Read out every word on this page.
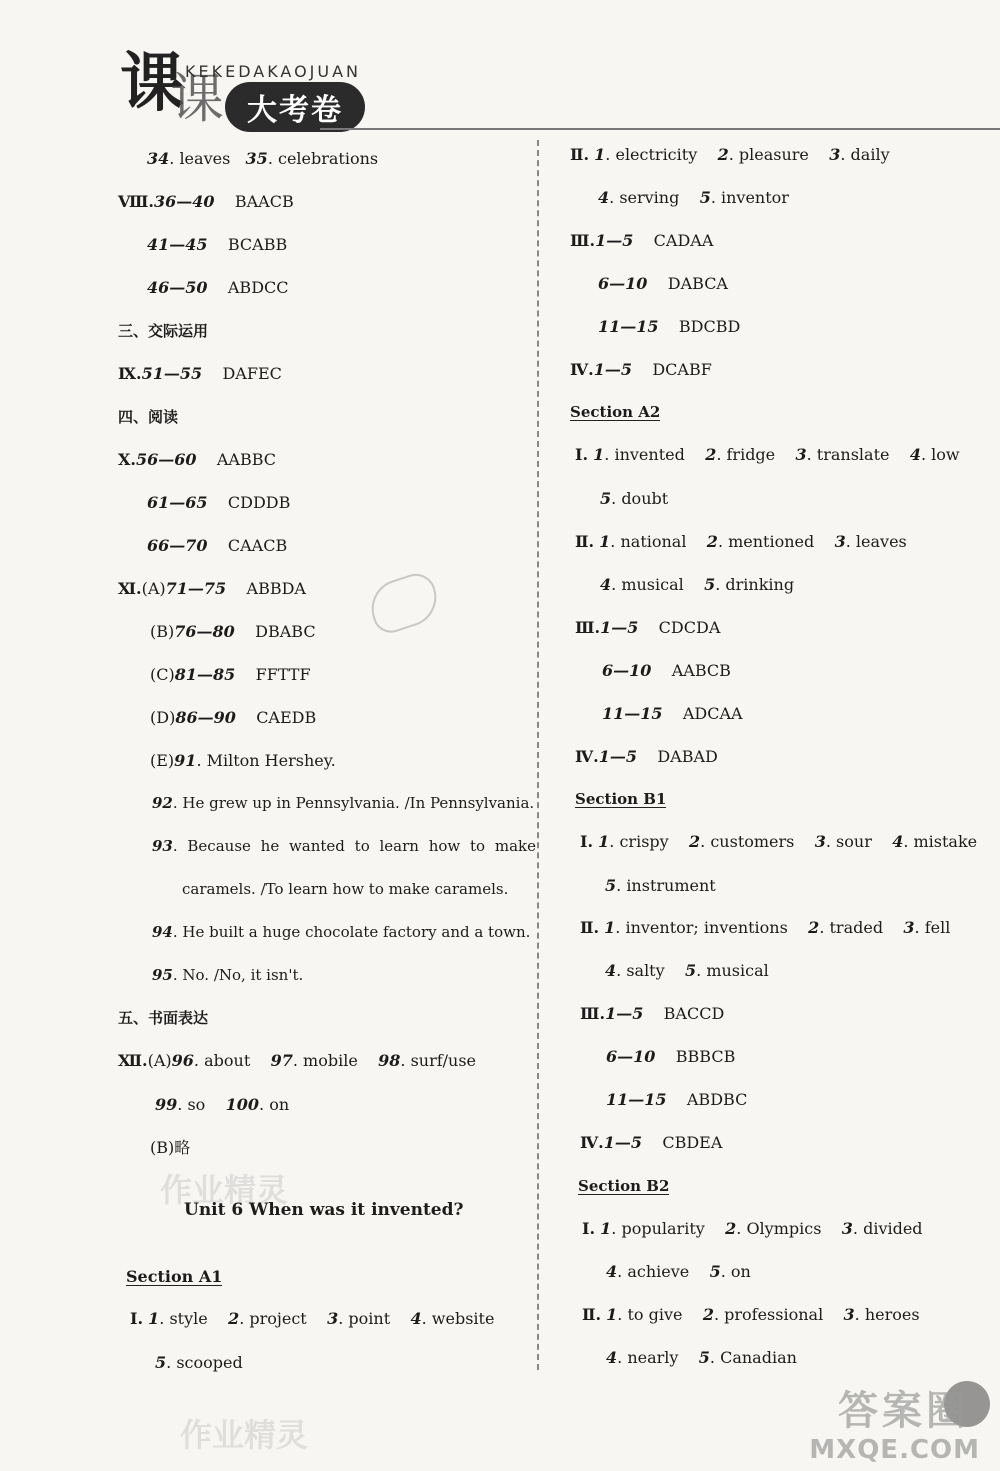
课
课
KEKEDAKAOJUAN
大考卷
34. leaves 35. celebrations
Ⅷ.36—40 BAACB
41—45 BCABB
46—50 ABDCC
三、交际运用
Ⅸ.51—55 DAFEC
四、阅读
Ⅹ.56—60 AABBC
61—65 CDDDB
66—70 CAACB
Ⅺ.(A)71—75 ABBDA
(B)76—80 DBABC
(C)81—85 FFTTF
(D)86—90 CAEDB
(E)91. Milton Hershey.
92. He grew up in Pennsylvania. /In Pennsylvania.
93. Because he wanted to learn how to make
caramels. /To learn how to make caramels.
94. He built a huge chocolate factory and a town.
95. No. /No, it isn't.
五、书面表达
Ⅻ.(A)96. about 97. mobile 98. surf/use
99. so 100. on
(B)略
作业精灵
Unit 6 When was it invented?
Section A1
Ⅰ. 1. style 2. project 3. point 4. website
5. scooped
作业精灵
Ⅱ. 1. electricity 2. pleasure 3. daily
4. serving 5. inventor
Ⅲ.1—5 CADAA
6—10 DABCA
11—15 BDCBD
Ⅳ.1—5 DCABF
Section A2
Ⅰ. 1. invented 2. fridge 3. translate 4. low
5. doubt
Ⅱ. 1. national 2. mentioned 3. leaves
4. musical 5. drinking
Ⅲ.1—5 CDCDA
6—10 AABCB
11—15 ADCAA
Ⅳ.1—5 DABAD
Section B1
Ⅰ. 1. crispy 2. customers 3. sour 4. mistake
5. instrument
Ⅱ. 1. inventor; inventions 2. traded 3. fell
4. salty 5. musical
Ⅲ.1—5 BACCD
6—10 BBBCB
11—15 ABDBC
Ⅳ.1—5 CBDEA
Section B2
Ⅰ. 1. popularity 2. Olympics 3. divided
4. achieve 5. on
Ⅱ. 1. to give 2. professional 3. heroes
4. nearly 5. Canadian
答案圈
MXQE.COM
